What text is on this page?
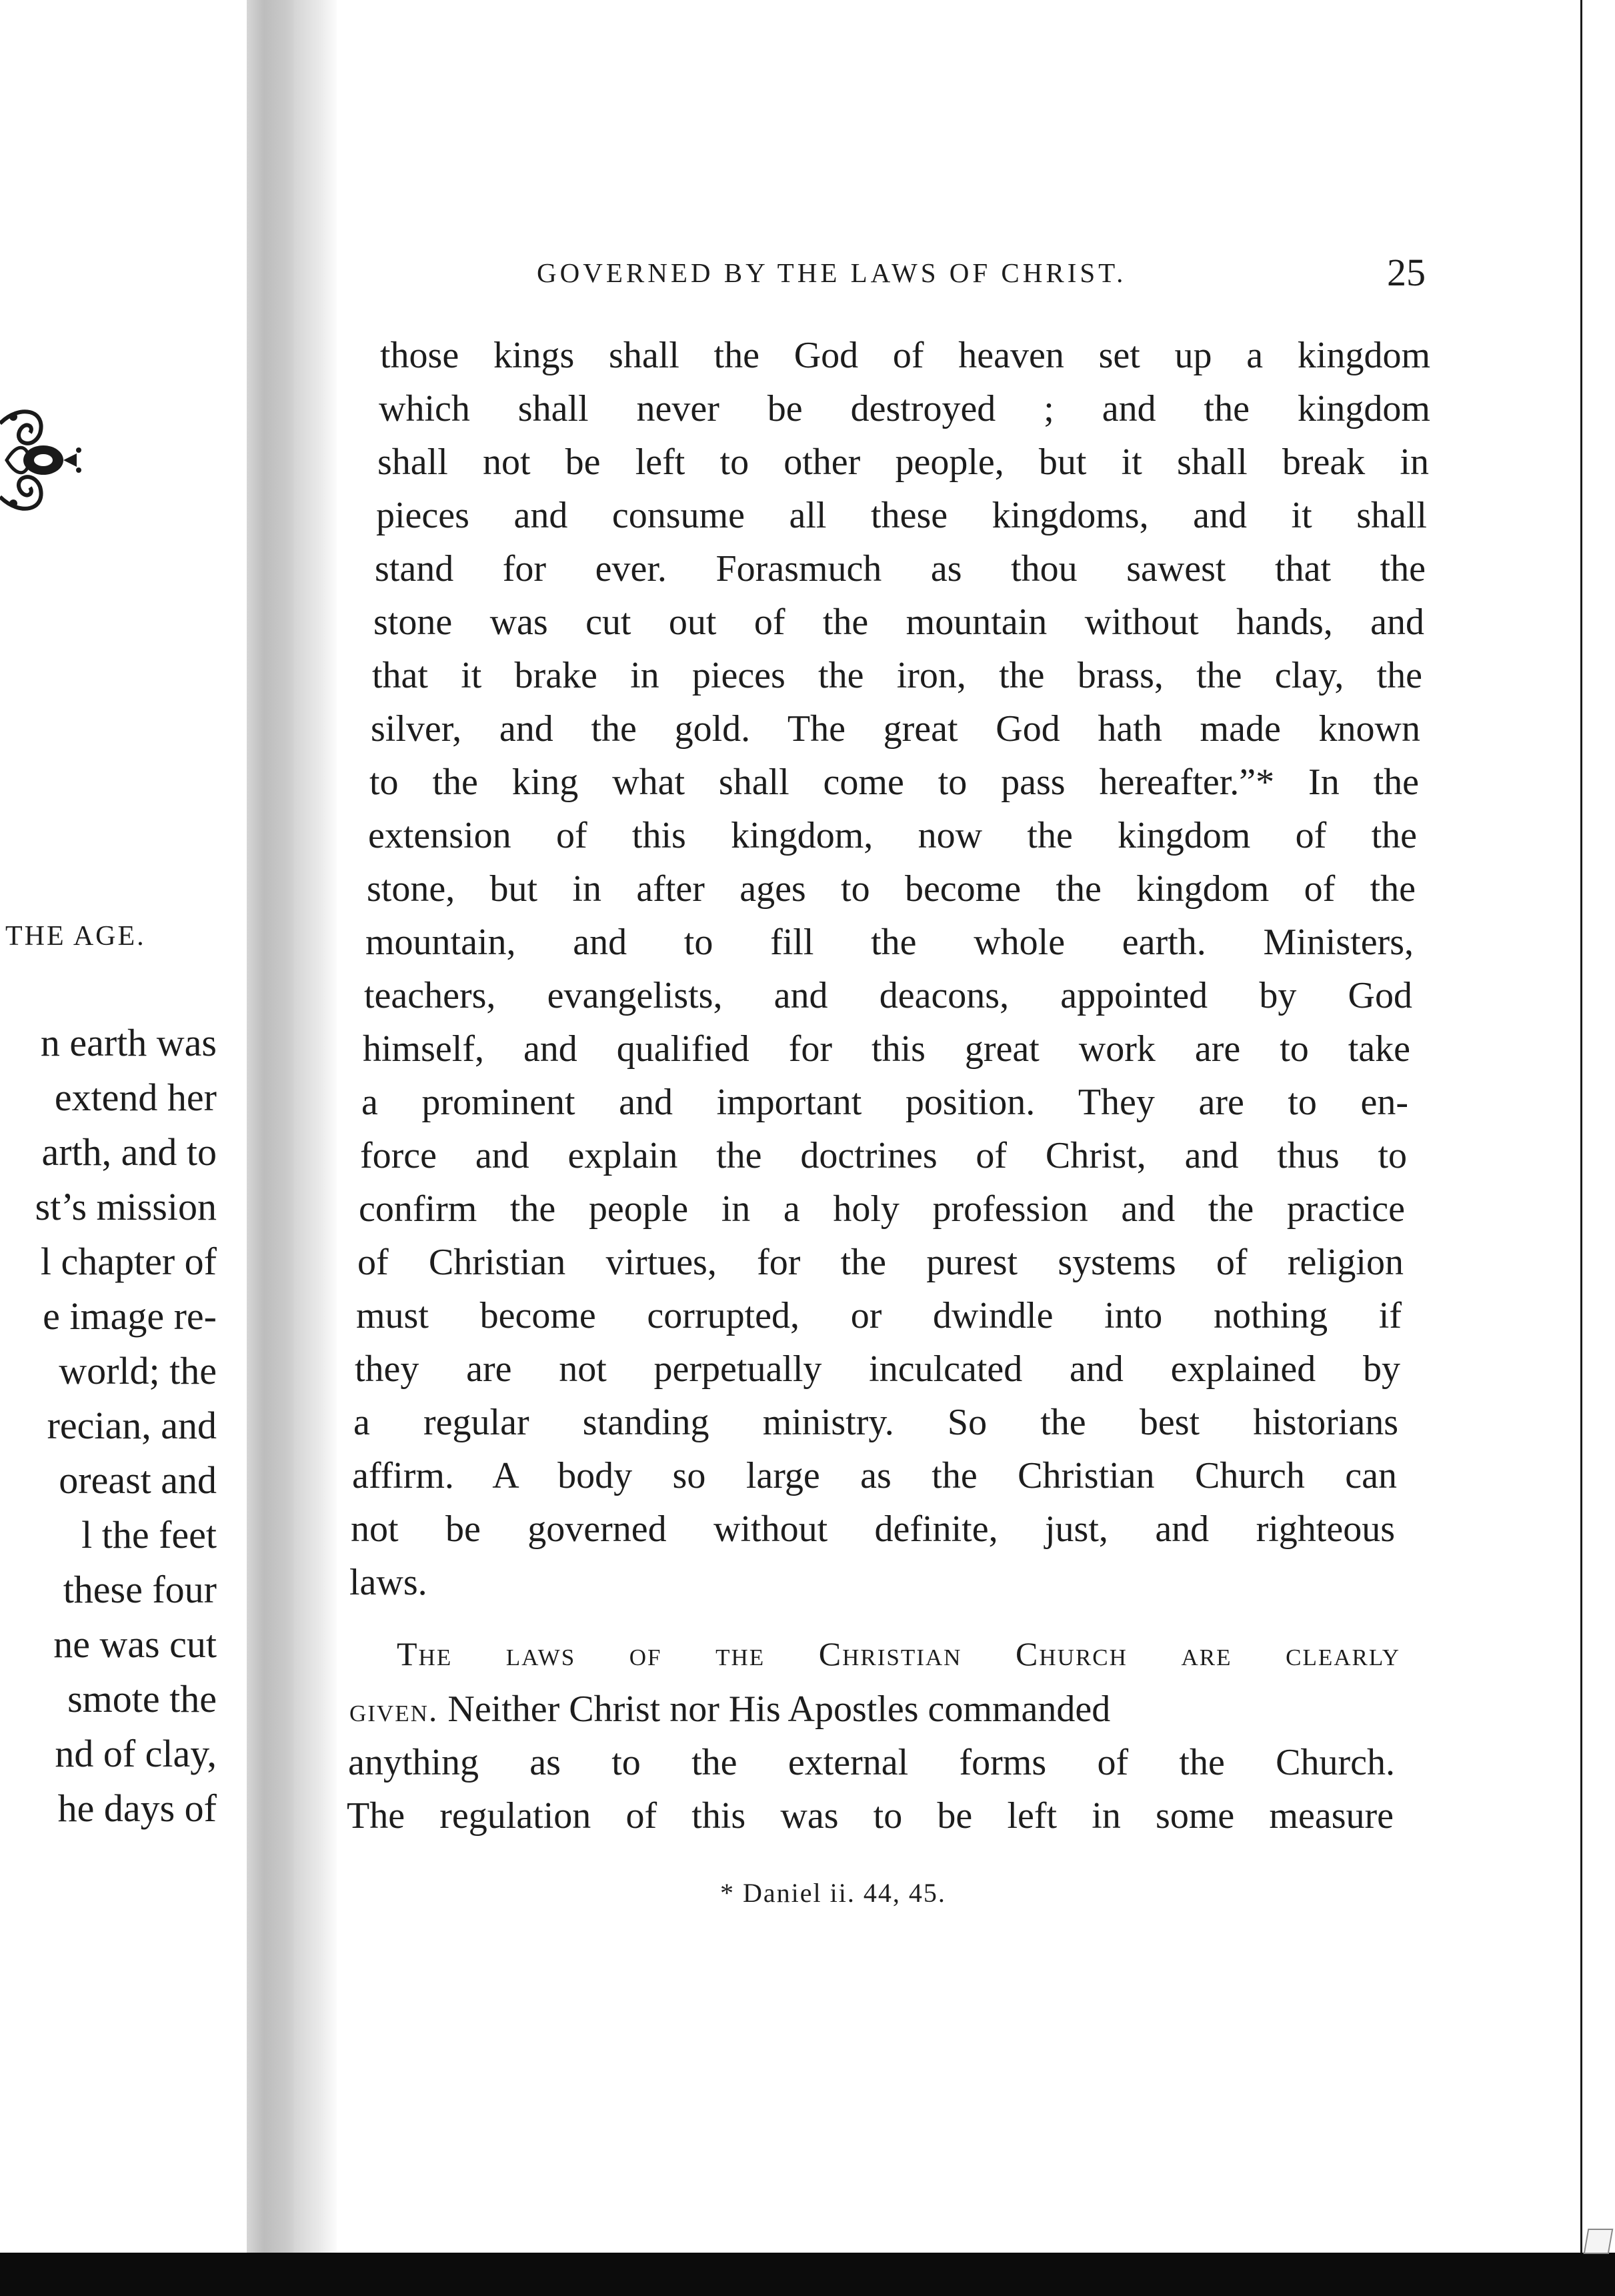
THE AGE.
n earth was
extend her
arth, and to
st’s mission
l chapter of
e image re-
world; the
recian, and
oreast and
l the feet
these four
ne was cut
smote the
nd of clay,
he days of
GOVERNED BY THE LAWS OF CHRIST.	25
those kings shall the God of heaven set up a kingdom
which shall never be destroyed ; and the kingdom
shall not be left to other people, but it shall break in
pieces and consume all these kingdoms, and it shall
stand for ever. Forasmuch as thou sawest that the
stone was cut out of the mountain without hands, and
that it brake in pieces the iron, the brass, the clay, the
silver, and the gold. The great God hath made known
to the king what shall come to pass hereafter.”* In the
extension of this kingdom, now the kingdom of the
stone, but in after ages to become the kingdom of the
mountain, and to fill the whole earth. Ministers,
teachers, evangelists, and deacons, appointed by God
himself, and qualified for this great work are to take
a prominent and important position. They are to en-
force and explain the doctrines of Christ, and thus to
confirm the people in a holy profession and the practice
of Christian virtues, for the purest systems of religion
must become corrupted, or dwindle into nothing if
they are not perpetually inculcated and explained by
a regular standing ministry. So the best historians
affirm. A body so large as the Christian Church can
not be governed without definite, just, and righteous
laws.
The laws of the Christian Church are clearly
given. Neither Christ nor His Apostles commanded
anything as to the external forms of the Church.
The regulation of this was to be left in some measure
* Daniel ii. 44, 45.
